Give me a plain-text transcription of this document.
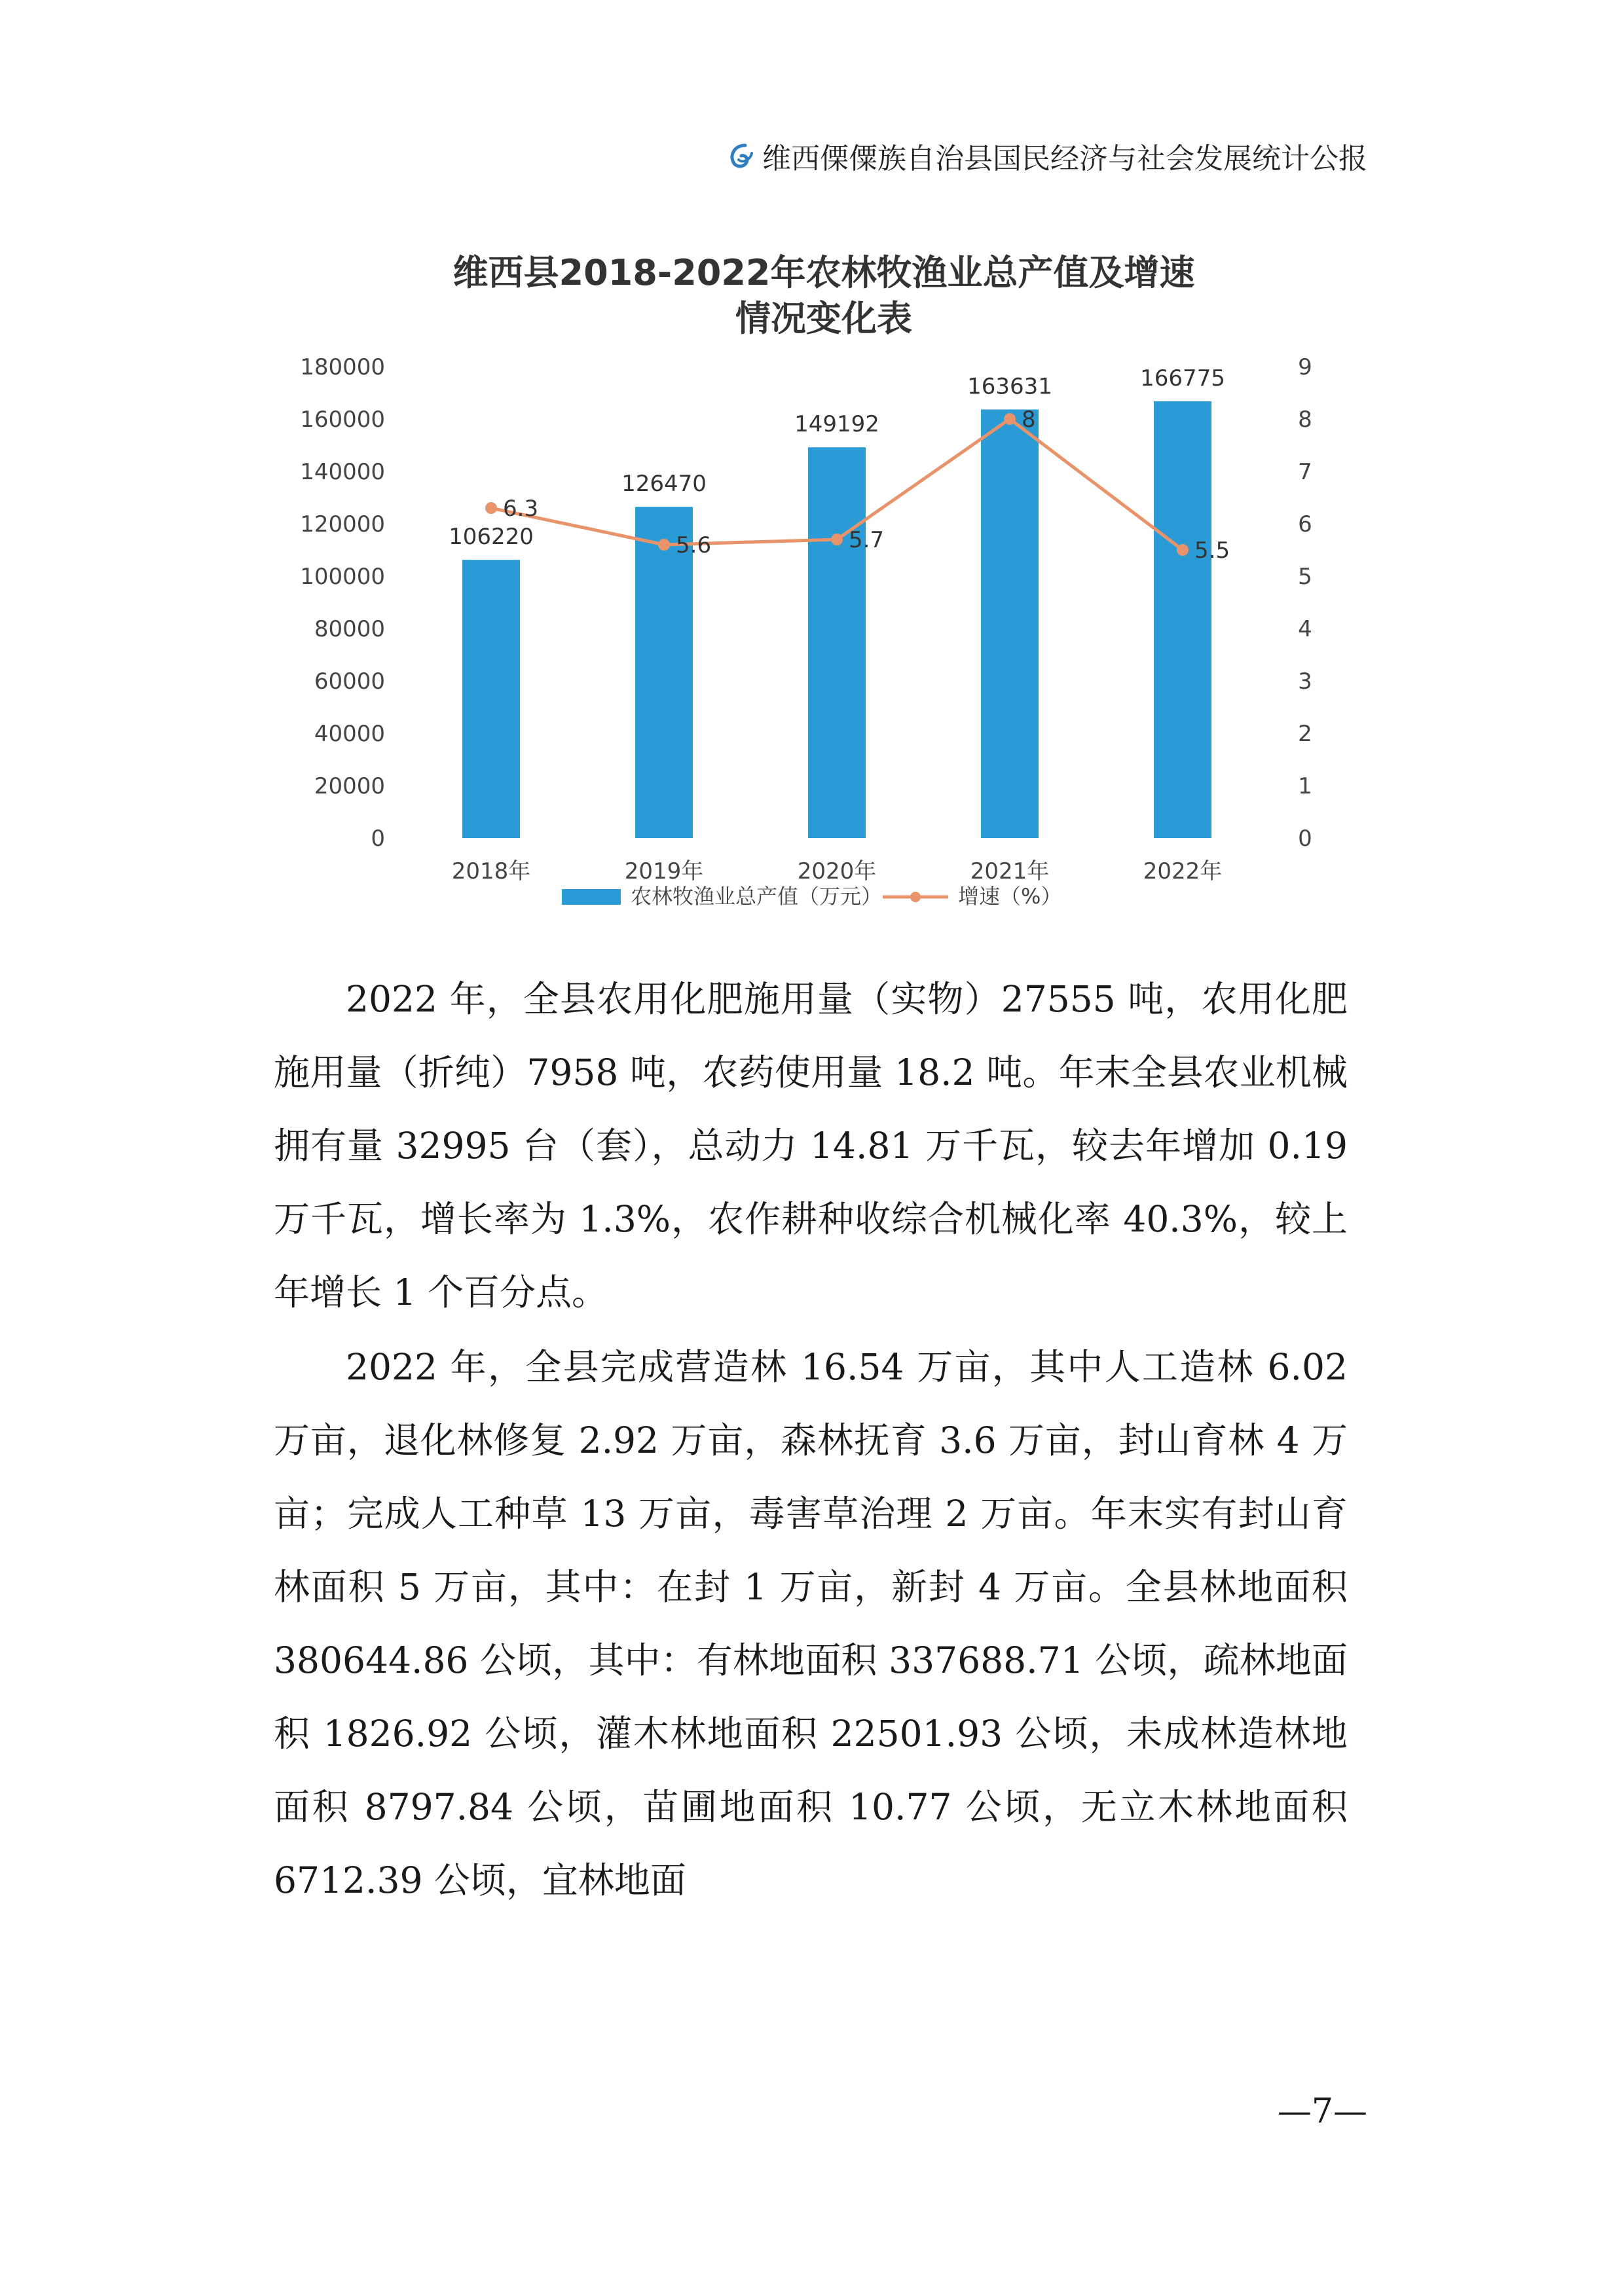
维西傈僳族自治县国民经济与社会发展统计公报
维西县2018-2022年农林牧渔业总产值及增速
情况变化表
0
20000
40000
60000
80000
100000
120000
140000
160000
180000
0
1
2
3
4
5
6
7
8
9
106220
126470
149192
163631	166775
6.3
5.6	5.7
8
5.5
2018年	2019年	2020年	2021年	2022年
农林牧渔业总产值（万元）	增速（%）

2022 年，全县农用化肥施用量（实物）27555 吨，农用化肥施用量（折纯）7958 吨，农药使用量 18.2 吨。年末全县农业机械拥有量 32995 台（套），总动力 14.81 万千瓦，较去年增加 0.19 万千瓦，增长率为 1.3%，农作耕种收综合机械化率 40.3%，较上年增长 1 个百分点。

2022 年，全县完成营造林 16.54 万亩，其中人工造林 6.02 万亩，退化林修复 2.92 万亩，森林抚育 3.6 万亩，封山育林 4 万亩；完成人工种草 13 万亩，毒害草治理 2 万亩。年末实有封山育林面积 5 万亩，其中：在封 1 万亩，新封 4 万亩。全县林地面积 380644.86 公顷，其中：有林地面积 337688.71 公顷，疏林地面积 1826.92 公顷，灌木林地面积 22501.93 公顷，未成林造林地面积 8797.84 公顷，苗圃地面积 10.77 公顷，无立木林地面积 6712.39 公顷，宜林地面

—7—
